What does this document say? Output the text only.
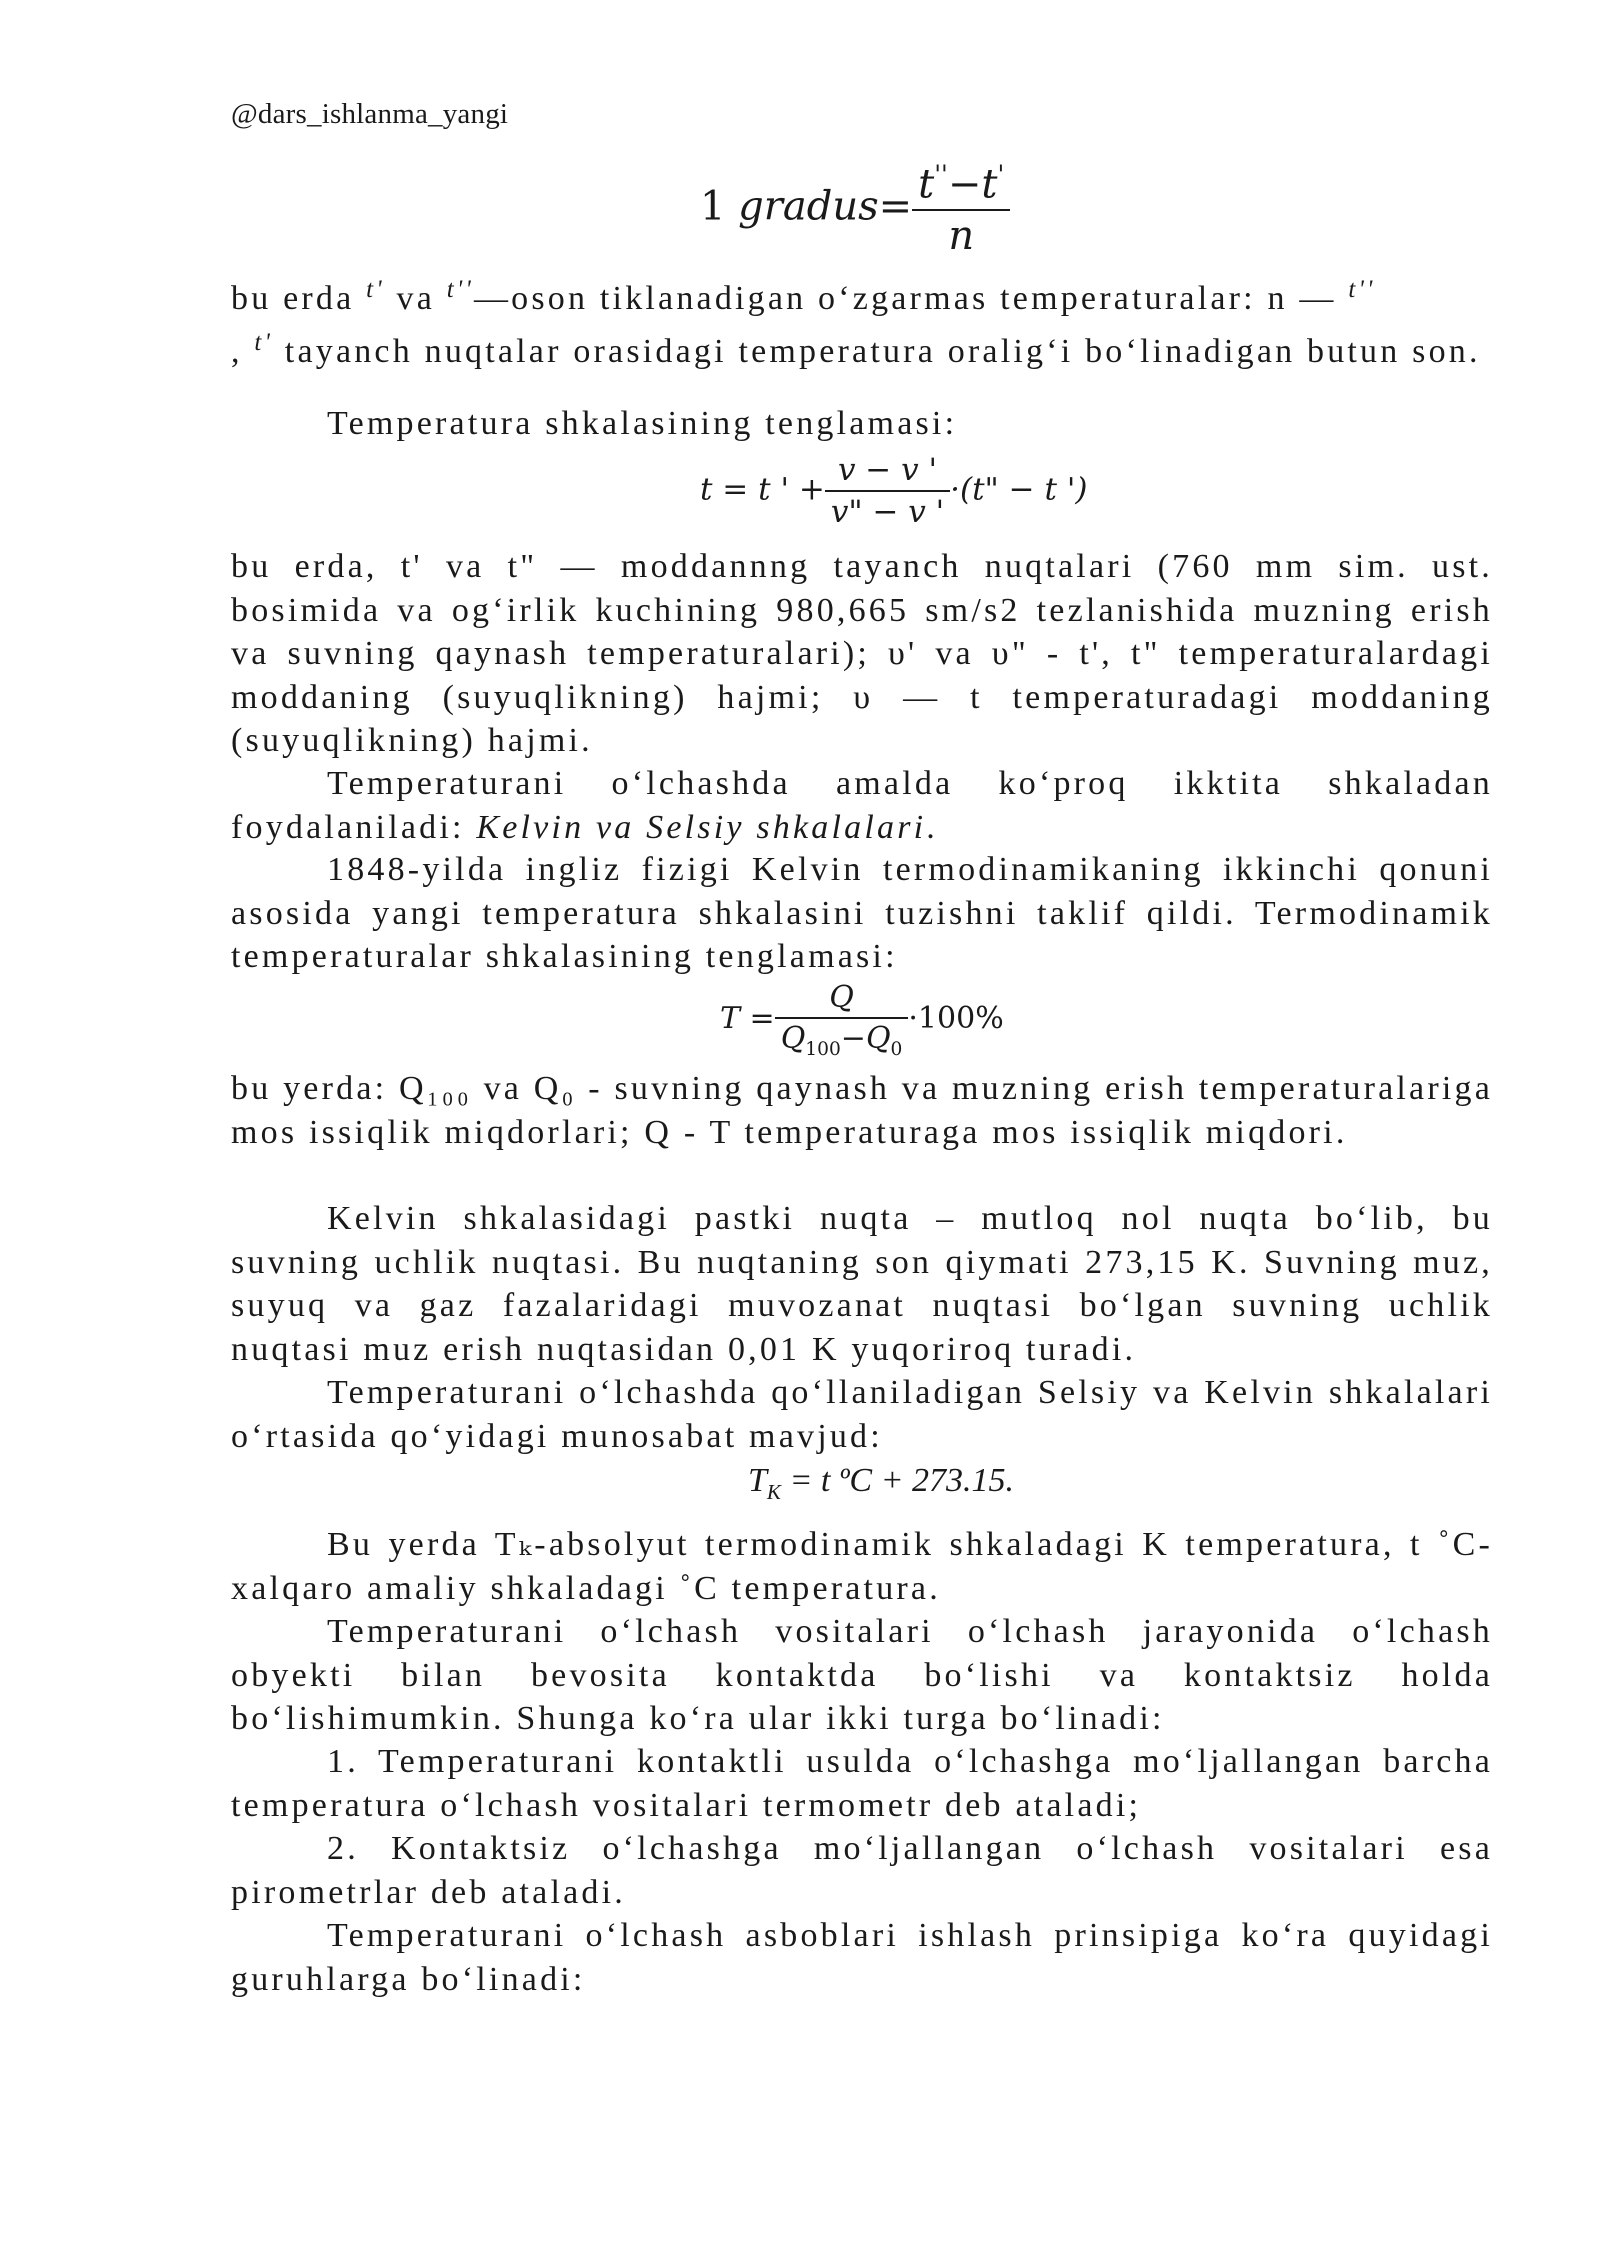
@dars_ishlanma_yangi
1 gradus= $\frac{t''-t'}{n}$

bu erda $^{t'}$ va $^{t''}$—oson tiklanadigan o‘zgarmas temperaturalar: n — $^{t''}$
, $^{t'}$ tayanch nuqtalar orasidagi temperatura oralig‘i bo‘linadigan butun son.

Temperatura shkalasining tenglamasi:

t = t ' + $\frac{v - v '}{v" - v '} \cdot(t$" − t ')

bu erda, t' va t" — moddannng tayanch nuqtalari (760 mm sim. ust. bosimida va og‘irlik kuchining 980,665 sm/s2 tezlanishida muzning erish va suvning qaynash temperaturalari); υ' va υ" - t', t" temperaturalardagi moddaning (suyuqlikning) hajmi; υ — t temperaturadagi moddaning (suyuqlikning) hajmi.

Temperaturani o‘lchashda amalda ko‘proq ikktita shkaladan foydalaniladi: Kelvin va Selsiy shkalalari.

1848-yilda ingliz fizigi Kelvin termodinamikaning ikkinchi qonuni asosida yangi temperatura shkalasini tuzishni taklif qildi. Termodinamik temperaturalar shkalasining tenglamasi:

$T = \frac{Q}{Q_{100}-Q_0} \cdot 100\%$

bu yerda: Q₁₀₀ va Q₀ - suvning qaynash va muzning erish temperaturalariga mos issiqlik miqdorlari; Q - T temperaturaga mos issiqlik miqdori.

Kelvin shkalasidagi pastki nuqta – mutloq nol nuqta bo‘lib, bu suvning uchlik nuqtasi. Bu nuqtaning son qiymati 273,15 K. Suvning muz, suyuq va gaz fazalaridagi muvozanat nuqtasi bo‘lgan suvning uchlik nuqtasi muz erish nuqtasidan 0,01 K yuqoriroq turadi.

Temperaturani o‘lchashda qo‘llaniladigan Selsiy va Kelvin shkalalari o‘rtasida qo‘yidagi munosabat mavjud:

$T_K = t$ ºC + 273.15.

Bu yerda Tₖ-absolyut termodinamik shkaladagi K temperatura, t ˚C-xalqaro amaliy shkaladagi ˚C temperatura.

Temperaturani o‘lchash vositalari o‘lchash jarayonida o‘lchash obyekti bilan bevosita kontaktda bo‘lishi va kontaktsiz holda bo‘lishimumkin. Shunga ko‘ra ular ikki turga bo‘linadi:

1. Temperaturani kontaktli usulda o‘lchashga mo‘ljallangan barcha temperatura o‘lchash vositalari termometr deb ataladi;

2. Kontaktsiz o‘lchashga mo‘ljallangan o‘lchash vositalari esa pirometrlar deb ataladi.

Temperaturani o‘lchash asboblari ishlash prinsipiga ko‘ra quyidagi guruhlarga bo‘linadi:
